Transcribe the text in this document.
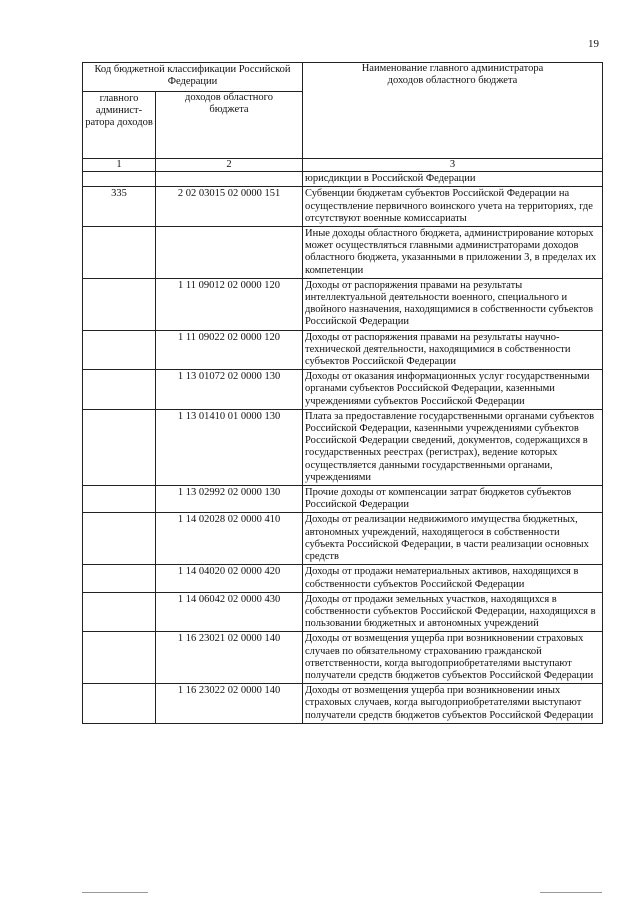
19
Код бюджетной классификации Российской Федерации		Наименование главного администратора доходов областного бюджета
главного админист-ратора доходов	доходов областного бюджета	
1	2	3
		юрисдикции в Российской Федерации
335	2 02 03015 02 0000 151	Субвенции бюджетам субъектов Российской Федерации на осуществление первичного воинского учета на территориях, где отсутствуют военные комиссариаты
		Иные доходы областного бюджета, администрирование которых может осуществляться главными администраторами доходов областного бюджета, указанными в приложении 3, в пределах их компетенции
	1 11 09012 02 0000 120	Доходы от распоряжения правами на результаты интеллектуальной деятельности военного, специального и двойного назначения, находящимися в собственности субъектов Российской Федерации
	1 11 09022 02 0000 120	Доходы от распоряжения правами на результаты научно-технической деятельности, находящимися в собственности субъектов Российской Федерации
	1 13 01072 02 0000 130	Доходы от оказания информационных услуг государственными органами субъектов Российской Федерации, казенными учреждениями субъектов Российской Федерации
	1 13 01410 01 0000 130	Плата за предоставление государственными органами субъектов Российской Федерации, казенными учреждениями субъектов Российской Федерации сведений, документов, содержащихся в государственных реестрах (регистрах), ведение которых осуществляется данными государственными органами, учреждениями
	1 13 02992 02 0000 130	Прочие доходы от компенсации затрат бюджетов субъектов Российской Федерации
	1 14 02028 02 0000 410	Доходы от реализации недвижимого имущества бюджетных, автономных учреждений, находящегося в собственности субъекта Российской Федерации, в части реализации основных средств
	1 14 04020 02 0000 420	Доходы от продажи нематериальных активов, находящихся в собственности субъектов Российской Федерации
	1 14 06042 02 0000 430	Доходы от продажи земельных участков, находящихся в собственности субъектов Российской Федерации, находящихся в пользовании бюджетных и автономных учреждений
	1 16 23021 02 0000 140	Доходы от возмещения ущерба при возникновении страховых случаев по обязательному страхованию гражданской ответственности, когда выгодоприобретателями выступают получатели средств бюджетов субъектов Российской Федерации
	1 16 23022 02 0000 140	Доходы от возмещения ущерба при возникновении иных страховых случаев, когда выгодоприобретателями выступают получатели средств бюджетов субъектов Российской Федерации
